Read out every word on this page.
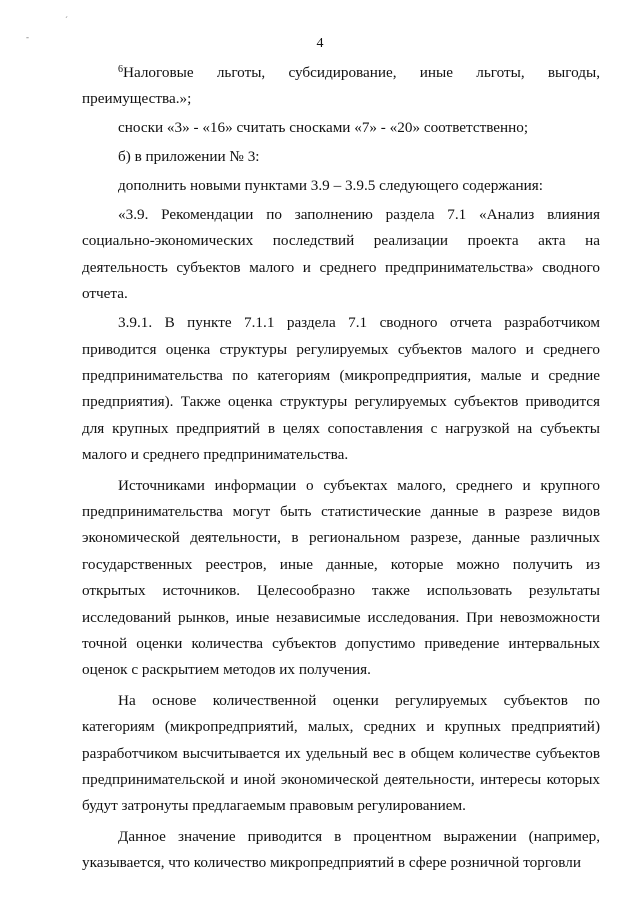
´
-	4

$^6$Налоговые льготы, субсидирование, иные льготы, выгоды, преимущества.»;

сноски «3» - «16» считать сносками «7» - «20» соответственно;

б) в приложении № 3:

дополнить новыми пунктами 3.9 – 3.9.5 следующего содержания:

«3.9. Рекомендации по заполнению раздела 7.1 «Анализ влияния социально-экономических последствий реализации проекта акта на деятельность субъектов малого и среднего предпринимательства» сводного отчета.

3.9.1. В пункте 7.1.1 раздела 7.1 сводного отчета разработчиком приводится оценка структуры регулируемых субъектов малого и среднего предпринимательства по категориям (микропредприятия, малые и средние предприятия). Также оценка структуры регулируемых субъектов приводится для крупных предприятий в целях сопоставления с нагрузкой на субъекты малого и среднего предпринимательства.

Источниками информации о субъектах малого, среднего и крупного предпринимательства могут быть статистические данные в разрезе видов экономической деятельности, в региональном разрезе, данные различных государственных реестров, иные данные, которые можно получить из открытых источников. Целесообразно также использовать результаты исследований рынков, иные независимые исследования. При невозможности точной оценки количества субъектов допустимо приведение интервальных оценок с раскрытием методов их получения.

На основе количественной оценки регулируемых субъектов по категориям (микропредприятий, малых, средних и крупных предприятий) разработчиком высчитывается их удельный вес в общем количестве субъектов предпринимательской и иной экономической деятельности, интересы которых будут затронуты предлагаемым правовым регулированием.

Данное значение приводится в процентном выражении (например, указывается, что количество микропредприятий в сфере розничной торговли
